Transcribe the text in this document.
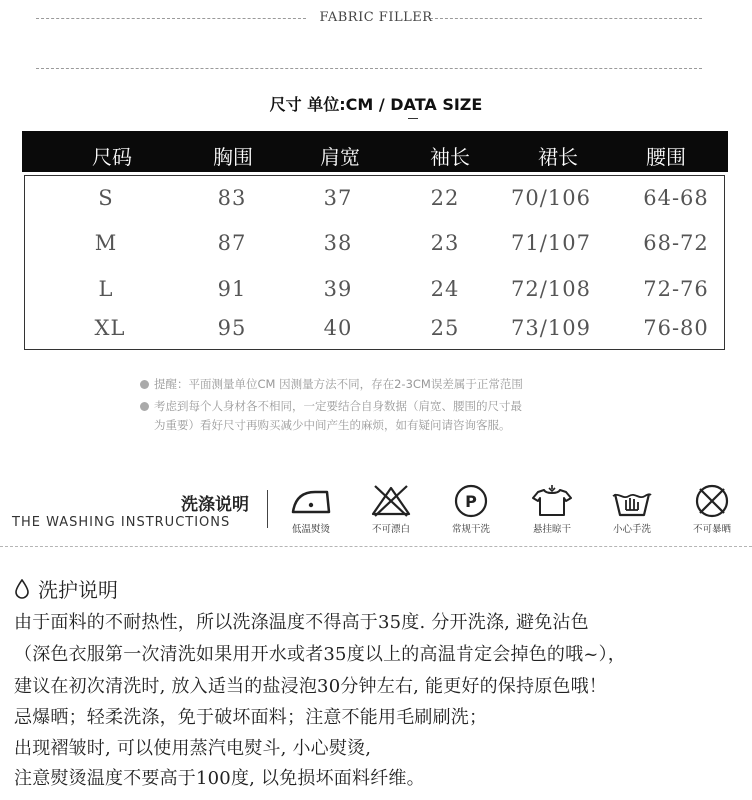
FABRIC FILLER
尺寸 单位:CM / DATA SIZE
尺码	胸围	肩宽	袖长	裙长	腰围
S	83	37	22	70/106	64-68
M	87	38	23	71/107	68-72
L	91	39	24	72/108	72-76
XL	95	40	25	73/109	76-80
提醒：平面测量单位CM 因测量方法不同，存在2-3CM误差属于正常范围
考虑到每个人身材各不相同，一定要结合自身数据（肩宽、腰围的尺寸最
为重要）看好尺寸再购买减少中间产生的麻烦，如有疑问请咨询客服。
洗涤说明
THE WASHING INSTRUCTIONS	低温熨烫	不可漂白
P
常规干洗	悬挂晾干	小心手洗	不可暴晒
洗护说明
由于面料的不耐热性，所以洗涤温度不得高于35度. 分开洗涤, 避免沾色
（深色衣服第一次清洗如果用开水或者35度以上的高温肯定会掉色的哦~），
建议在初次清洗时, 放入适当的盐浸泡30分钟左右, 能更好的保持原色哦！
忌爆晒；轻柔洗涤，免于破坏面料；注意不能用毛刷刷洗；
出现褶皱时, 可以使用蒸汽电熨斗, 小心熨烫,
注意熨烫温度不要高于100度, 以免损坏面料纤维。
